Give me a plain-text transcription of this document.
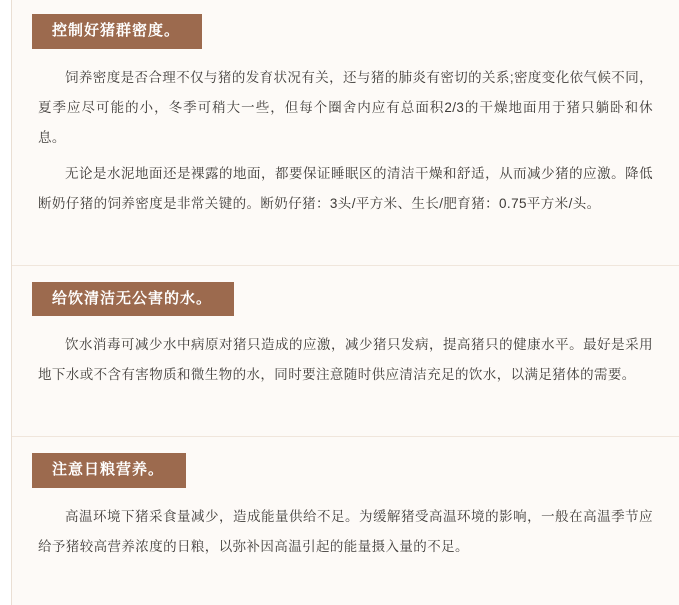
控制好猪群密度。

饲养密度是否合理不仅与猪的发育状况有关，还与猪的肺炎有密切的关系;密度变化依气候不同，夏季应尽可能的小，冬季可稍大一些，但每个圈舍内应有总面积2/3的干燥地面用于猪只躺卧和休息。

无论是水泥地面还是裸露的地面，都要保证睡眠区的清洁干燥和舒适，从而减少猪的应激。降低断奶仔猪的饲养密度是非常关键的。断奶仔猪：3头/平方米、生长/肥育猪：0.75平方米/头。

给饮清洁无公害的水。

饮水消毒可减少水中病原对猪只造成的应激，减少猪只发病，提高猪只的健康水平。最好是采用地下水或不含有害物质和微生物的水，同时要注意随时供应清洁充足的饮水，以满足猪体的需要。

注意日粮营养。

高温环境下猪采食量减少，造成能量供给不足。为缓解猪受高温环境的影响，一般在高温季节应给予猪较高营养浓度的日粮，以弥补因高温引起的能量摄入量的不足。
